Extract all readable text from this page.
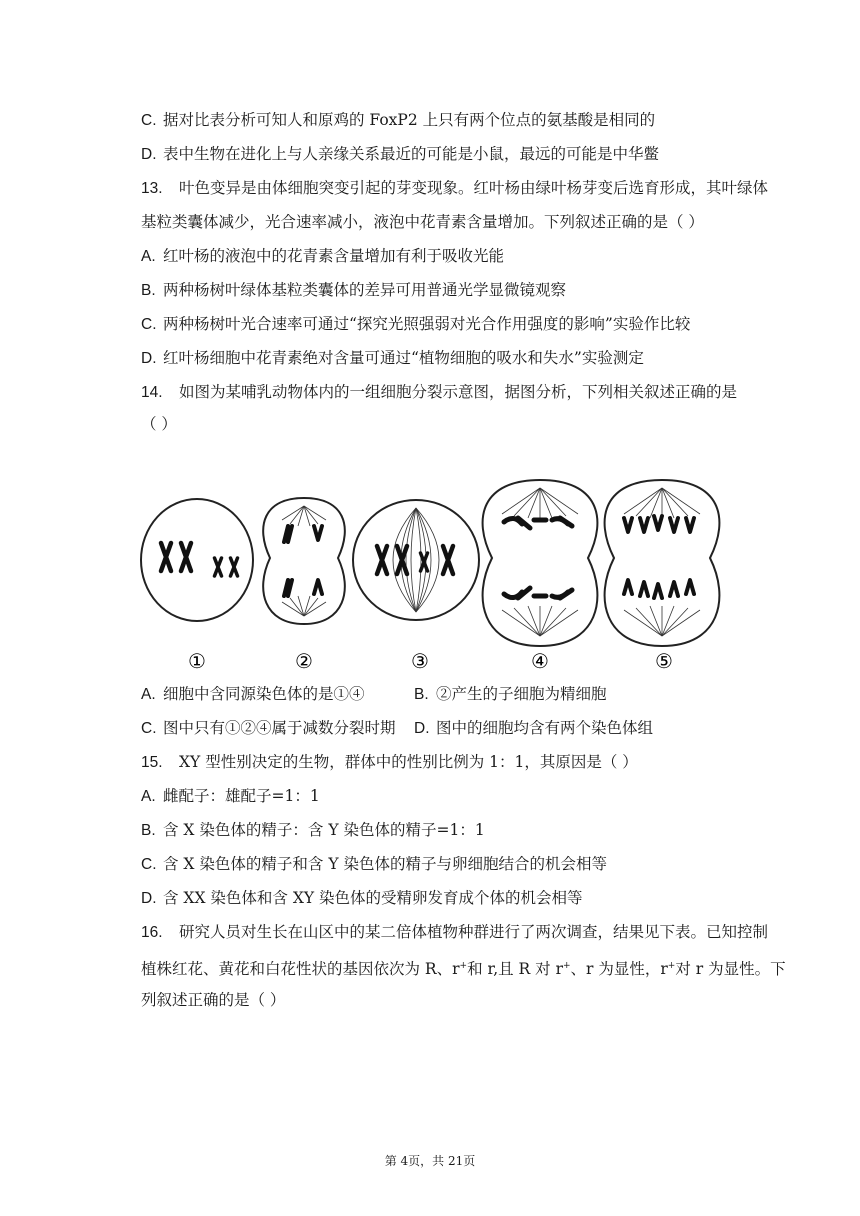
C. 据对比表分析可知人和原鸡的 FoxP2 上只有两个位点的氨基酸是相同的
D. 表中生物在进化上与人亲缘关系最近的可能是小鼠，最远的可能是中华鳖
13. 叶色变异是由体细胞突变引起的芽变现象。红叶杨由绿叶杨芽变后选育形成，其叶绿体
基粒类囊体减少，光合速率减小，液泡中花青素含量增加。下列叙述正确的是（ ）
A. 红叶杨的液泡中的花青素含量增加有利于吸收光能
B. 两种杨树叶绿体基粒类囊体的差异可用普通光学显微镜观察
C. 两种杨树叶光合速率可通过“探究光照强弱对光合作用强度的影响”实验作比较
D. 红叶杨细胞中花青素绝对含量可通过“植物细胞的吸水和失水”实验测定
14. 如图为某哺乳动物体内的一组细胞分裂示意图，据图分析，下列相关叙述正确的是
（ ）
①	②	③	④	⑤
A. 细胞中含同源染色体的是①④	B. ②产生的子细胞为精细胞
C. 图中只有①②④属于减数分裂时期 D. 图中的细胞均含有两个染色体组
15. XY 型性别决定的生物，群体中的性别比例为 1：1，其原因是（ ）
A. 雌配子：雄配子=1：1
B. 含 X 染色体的精子：含 Y 染色体的精子=1：1
C. 含 X 染色体的精子和含 Y 染色体的精子与卵细胞结合的机会相等
D. 含 XX 染色体和含 XY 染色体的受精卵发育成个体的机会相等
16. 研究人员对生长在山区中的某二倍体植物种群进行了两次调查，结果见下表。已知控制
植株红花、黄花和白花性状的基因依次为 R、r+和 r,且 R 对 r+、r 为显性，r+对 r 为显性。下
列叙述正确的是（ ）
第 4页，共 21页
